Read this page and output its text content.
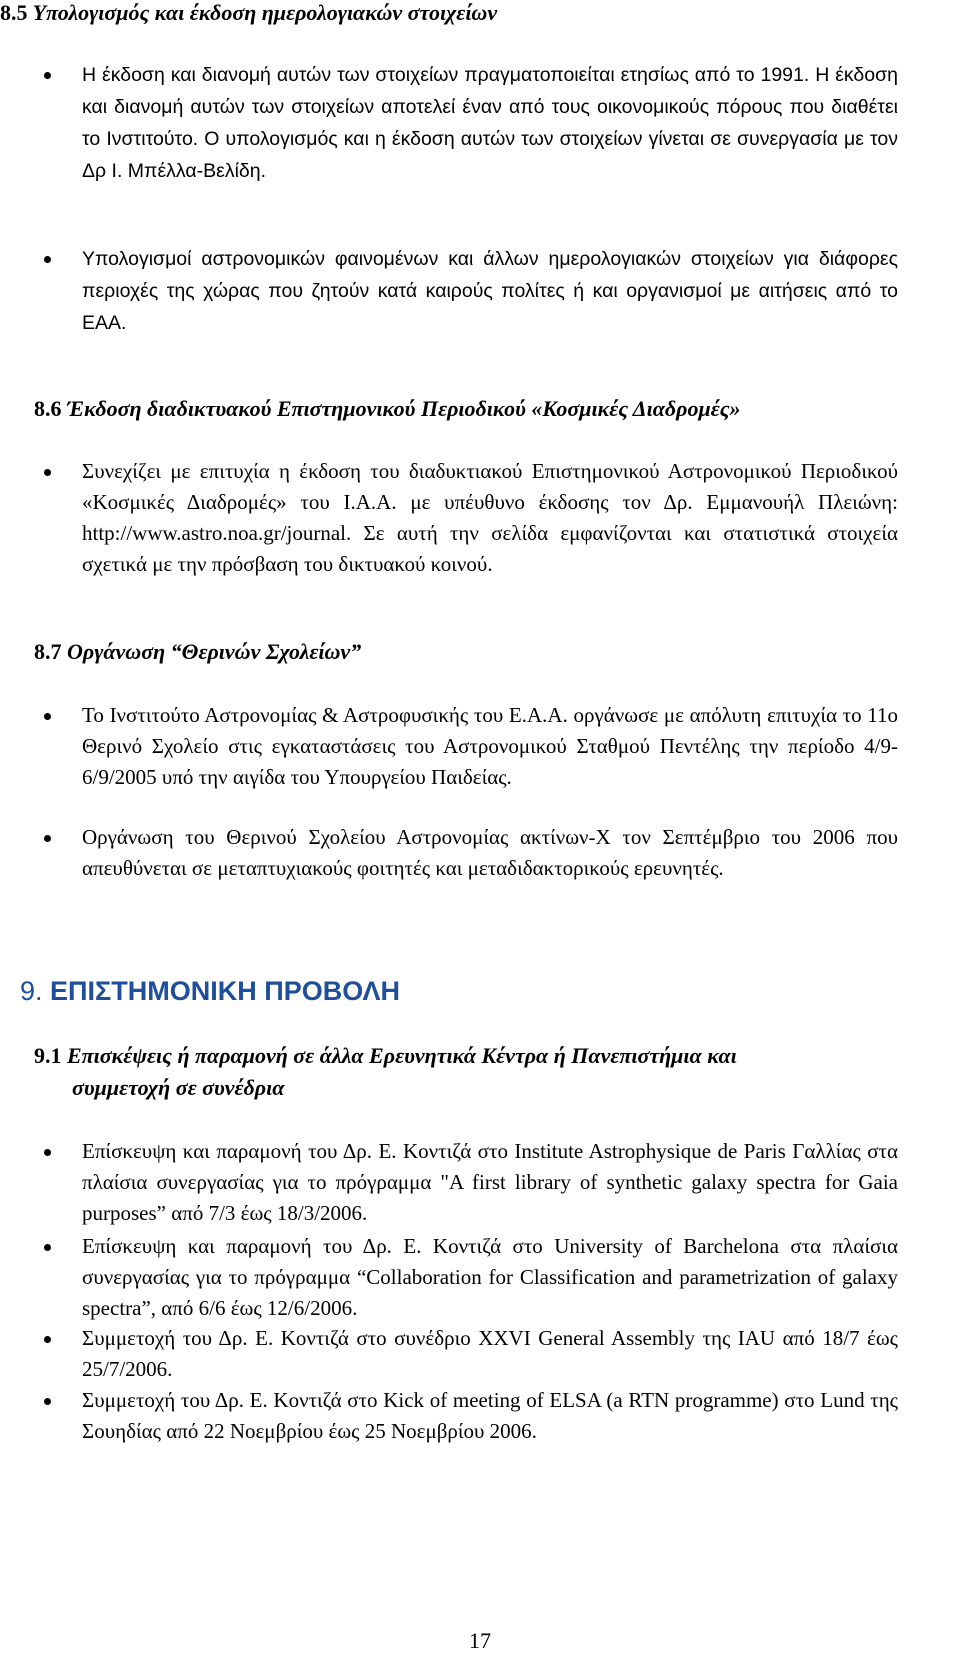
8.5 Υπολογισμός και έκδοση ημερολογιακών στοιχείων
Η έκδοση και διανομή αυτών των στοιχείων πραγματοποιείται ετησίως από το 1991. Η έκδοση και διανομή αυτών των στοιχείων αποτελεί έναν από τους οικονομικούς πόρους που διαθέτει το Ινστιτούτο. Ο υπολογισμός και η έκδοση αυτών των στοιχείων γίνεται σε συνεργασία με τον Δρ Ι. Μπέλλα-Βελίδη.
Υπολογισμοί αστρονομικών φαινομένων και άλλων ημερολογιακών στοιχείων για διάφορες περιοχές της χώρας που ζητούν κατά καιρούς πολίτες ή και οργανισμοί με αιτήσεις από το ΕΑΑ.
8.6 Έκδοση διαδικτυακού Επιστημονικού Περιοδικού «Κοσμικές Διαδρομές»
Συνεχίζει με επιτυχία η έκδοση του διαδυκτιακού Επιστημονικού Αστρονομικού Περιοδικού «Κοσμικές Διαδρομές» του Ι.Α.Α. με υπέυθυνο έκδοσης τον Δρ. Εμμανουήλ Πλειώνη: http://www.astro.noa.gr/journal. Σε αυτή την σελίδα εμφανίζονται και στατιστικά στοιχεία σχετικά με την πρόσβαση του δικτυακού κοινού.
8.7 Οργάνωση “Θερινών Σχολείων”
Το Ινστιτούτο Αστρονομίας & Αστροφυσικής του Ε.Α.Α. οργάνωσε με απόλυτη επιτυχία το 11ο Θερινό Σχολείο στις εγκαταστάσεις του Αστρονομικού Σταθμού Πεντέλης την περίοδο 4/9-6/9/2005 υπό την αιγίδα του Υπουργείου Παιδείας.
Οργάνωση του Θερινού Σχολείου Αστρονομίας ακτίνων-Χ τον Σεπτέμβριο του 2006 που απευθύνεται σε μεταπτυχιακούς φοιτητές και μεταδιδακτορικούς ερευνητές.
9. ΕΠΙΣΤΗΜΟΝΙΚΗ ΠΡΟΒΟΛΗ
9.1 Επισκέψεις ή παραμονή σε άλλα Ερευνητικά Κέντρα ή Πανεπιστήμια και
συμμετοχή σε συνέδρια
Επίσκευψη και παραμονή του Δρ. Ε. Κοντιζά στο Institute Astrophysique de Paris Γαλλίας στα πλαίσια συνεργασίας για το πρόγραμμα "A first library of synthetic galaxy spectra for Gaia purposes” από 7/3 έως 18/3/2006.
Επίσκευψη και παραμονή του Δρ. Ε. Κοντιζά στο University of Barchelona στα πλαίσια συνεργασίας για το πρόγραμμα “Collaboration for Classification and parametrization of galaxy spectra”, από 6/6 έως 12/6/2006.
Συμμετοχή του Δρ. Ε. Κοντιζά στο συνέδριο XXVI General Assembly της IAU από 18/7 έως 25/7/2006.
Συμμετοχή του Δρ. Ε. Κοντιζά στο Kick of meeting of ELSA (a RTN programme) στο Lund της Σουηδίας από 22 Νοεμβρίου έως 25 Νοεμβρίου 2006.
17
